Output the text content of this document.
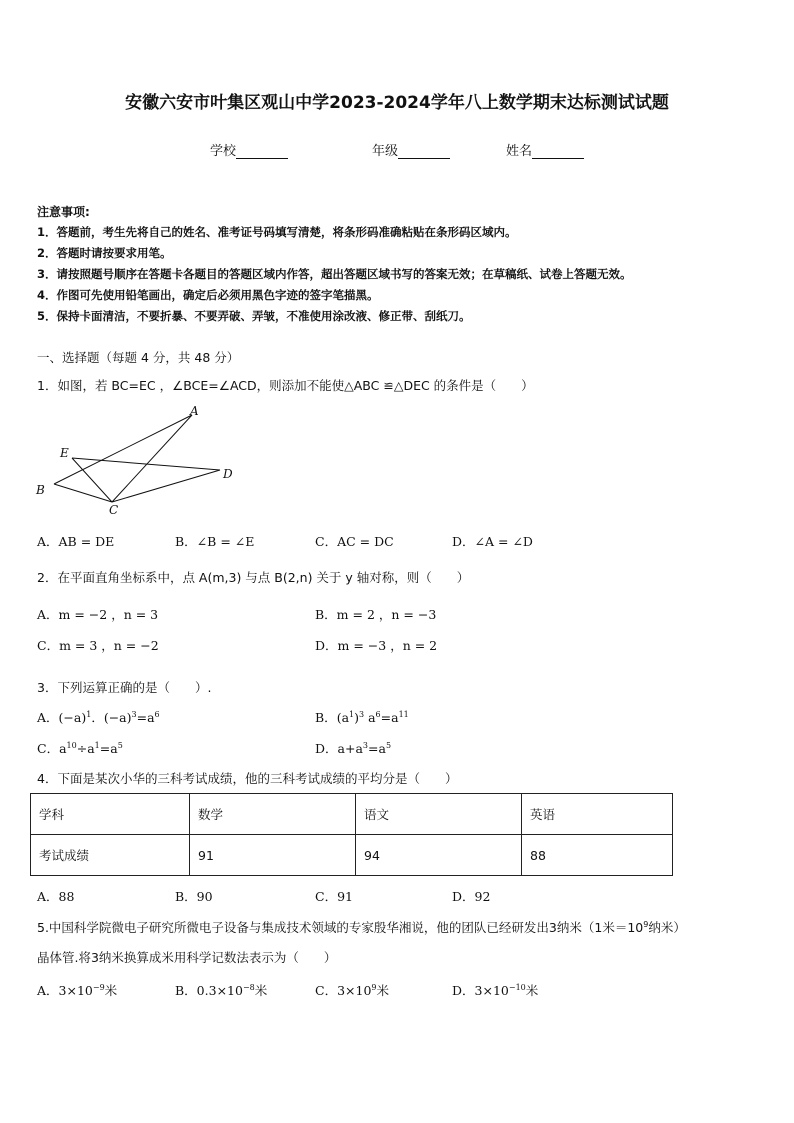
安徽六安市叶集区观山中学2023-2024学年八上数学期末达标测试试题
学校	年级	姓名
注意事项:
1．答题前，考生先将自己的姓名、准考证号码填写清楚，将条形码准确粘贴在条形码区域内。
2．答题时请按要求用笔。
3．请按照题号顺序在答题卡各题目的答题区域内作答，超出答题区域书写的答案无效；在草稿纸、试卷上答题无效。
4．作图可先使用铅笔画出，确定后必须用黑色字迹的签字笔描黑。
5．保持卡面清洁，不要折暴、不要弄破、弄皱，不准使用涂改液、修正带、刮纸刀。
一、选择题（每题 4 分，共 48 分）
1．如图，若 BC=EC ，∠BCE=∠ACD，则添加不能使△ABC ≌△DEC 的条件是（　　）
A
B
C
D
E
A．AB = DE	B．∠B = ∠E	C．AC = DC	D．∠A = ∠D
2．在平面直角坐标系中，点 A(m,3) 与点 B(2,n) 关于 y 轴对称，则（　　）
A．m = −2 ，n = 3	B．m = 2 ，n = −3
C．m = 3 ，n = −2	D．m = −3 ，n = 2
3．下列运算正确的是（　　）.
A．$(-a)^1$．$(-a)^3=a^6$	B．$(a^1)^3$ $a^6=a^{11}$
C．$a^{10}\div a^1=a^5$	D．$a+a^3=a^5$
4．下面是某次小华的三科考试成绩，他的三科考试成绩的平均分是（　　）
学科	数学	语文	英语
考试成绩	91	94	88
A．88	B．90	C．91	D．92
5.中国科学院微电子研究所微电子设备与集成技术领域的专家殷华湘说，他的团队已经研发出3纳米（1米$=10^9$纳米）
晶体管.将3纳米换算成米用科学记数法表示为（　　）
A．$3\times 10^{-9}$米	B．$0.3\times 10^{-8}$米	C．$3\times 10^9$米	D．$3\times 10^{-10}$米
